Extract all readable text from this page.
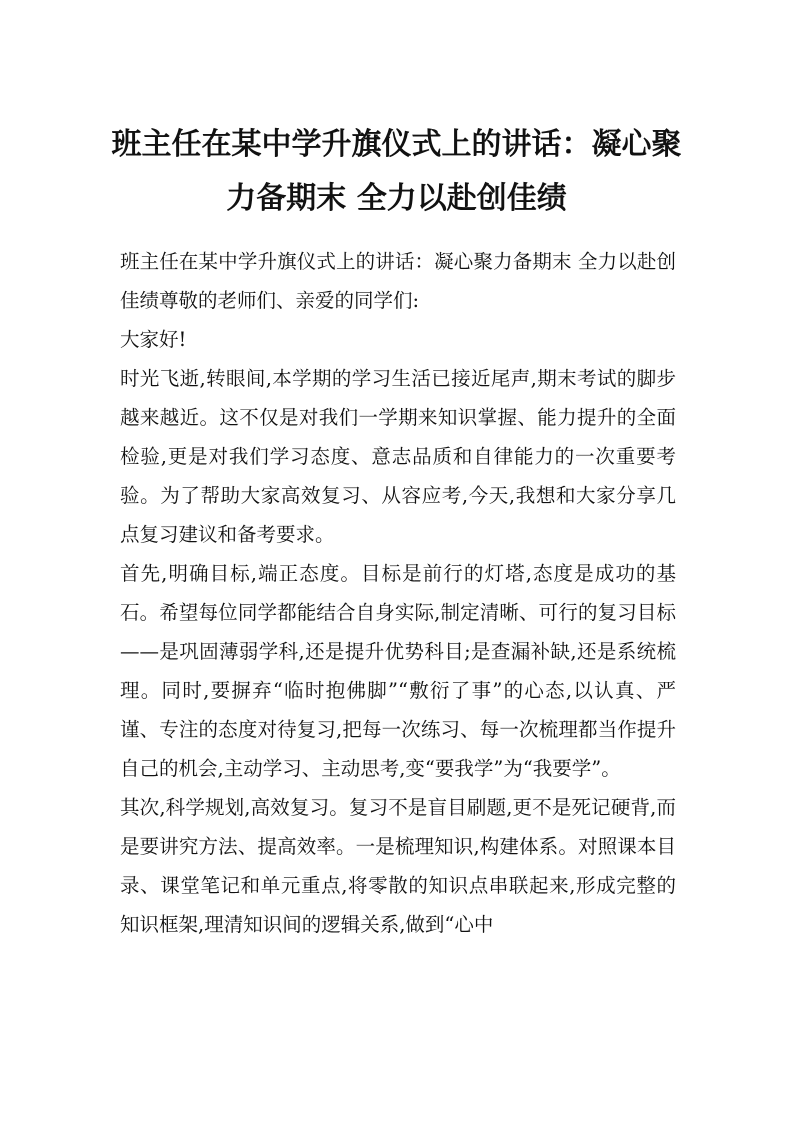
班主任在某中学升旗仪式上的讲话：凝心聚力备期末 全力以赴创佳绩

班主任在某中学升旗仪式上的讲话：凝心聚力备期末 全力以赴创佳绩尊敬的老师们、亲爱的同学们:

大家好!

时光飞逝,转眼间,本学期的学习生活已接近尾声,期末考试的脚步越来越近。这不仅是对我们一学期来知识掌握、能力提升的全面检验,更是对我们学习态度、意志品质和自律能力的一次重要考验。为了帮助大家高效复习、从容应考,今天,我想和大家分享几点复习建议和备考要求。

首先,明确目标,端正态度。目标是前行的灯塔,态度是成功的基石。希望每位同学都能结合自身实际,制定清晰、可行的复习目标——是巩固薄弱学科,还是提升优势科目;是查漏补缺,还是系统梳理。同时,要摒弃“临时抱佛脚”“敷衍了事”的心态,以认真、严谨、专注的态度对待复习,把每一次练习、每一次梳理都当作提升自己的机会,主动学习、主动思考,变“要我学”为“我要学”。

其次,科学规划,高效复习。复习不是盲目刷题,更不是死记硬背,而是要讲究方法、提高效率。一是梳理知识,构建体系。对照课本目录、课堂笔记和单元重点,将零散的知识点串联起来,形成完整的知识框架,理清知识间的逻辑关系,做到“心中
